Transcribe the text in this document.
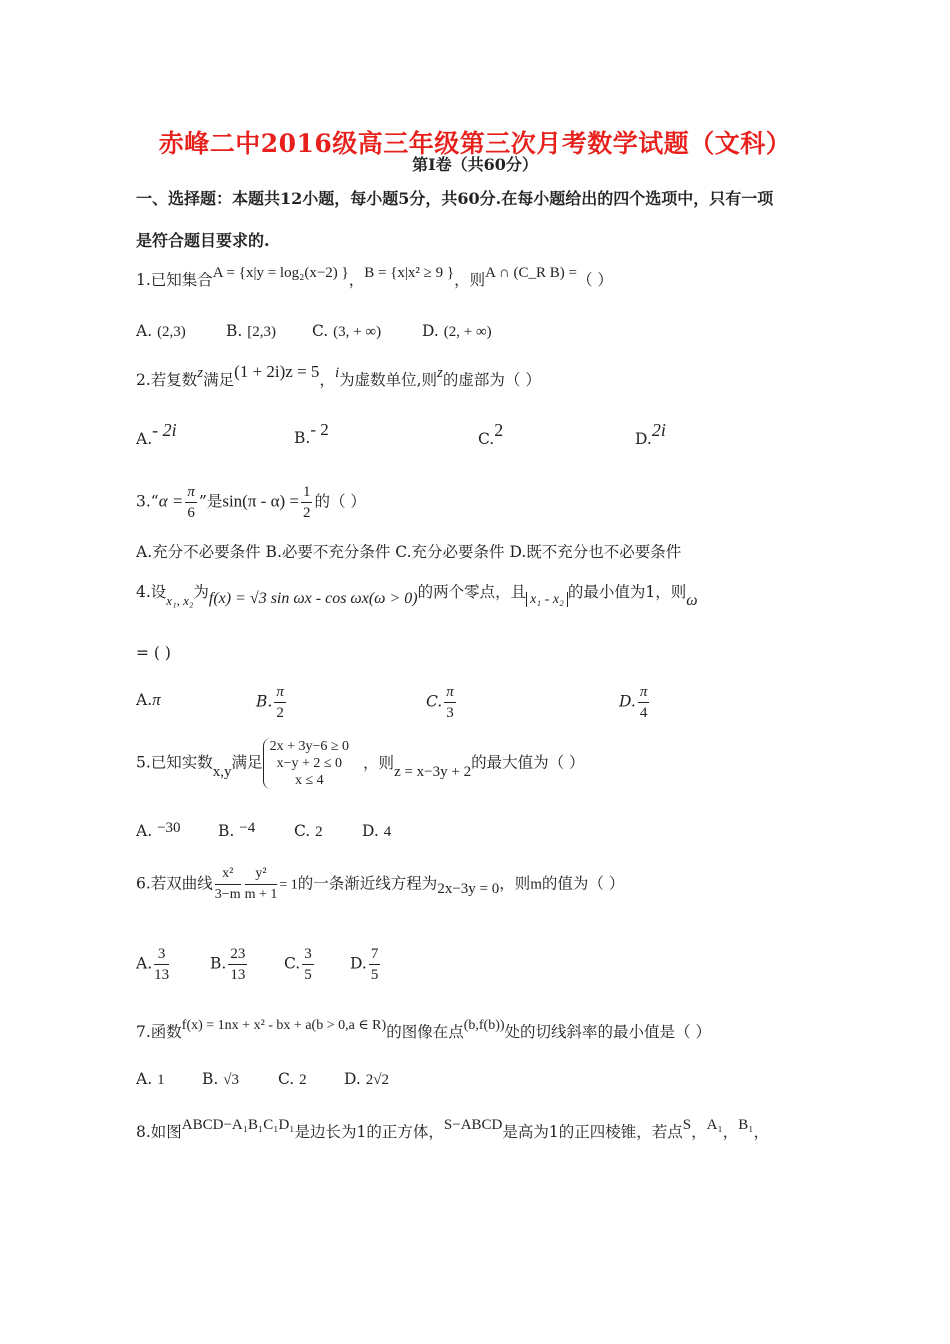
赤峰二中2016级高三年级第三次月考数学试题（文科）
第Ⅰ卷（共60分）
一、选择题：本题共12小题，每小题5分，共60分.在每小题给出的四个选项中，只有一项
是符合题目要求的.
1.已知集合A = {x|y = log₂(x−2) }，B = {x|x² ≥ 9 }，则A ∩ (C_R B) =（ ）
A. (2,3)	B. [2,3) C. (3, + ∞)	D. (2, + ∞)
2.若复数z满足(1 + 2i)z = 5，i为虚数单位,则z的虚部为（ ）
A.- 2i	B.- 2	C.2	D.2i
3.“α = $\frac{\pi}{6}$ ”是$\sin(\pi - \alpha) = \frac{1}{2}$ 的（ ）
A.充分不必要条件 B.必要不充分条件 C.充分必要条件 D.既不充分也不必要条件
4.设$_{x_1, x_2}$为f(x) = √3 sin ωx - cos ωx(ω > 0)的两个零点，且 x₁ - x₂ 的最小值为1，则ω
= ( )
A.π	B. $\frac{\pi}{2}$	C. $\frac{\pi}{3}$	D. $\frac{\pi}{4}$
5.已知实数x,y满足
2x + 3y−6 ≥ 0
x−y + 2 ≤ 0
x ≤ 4
，则z = x−3y + 2的最大值为（ ）
A. −30 B. −4	C. 2	D. 4
6.若双曲线 $\frac{\text{x²}}{3-m} \frac{\text{y²}}{m + 1} = 1$的一条渐近线方程为2x−3y = 0，则m的值为（ ）
A. $\frac{3}{13}$	B. $\frac{23}{13} C$. $\frac{3}{5} D$. $\frac{7}{5}$
7.函数f(x) = 1nx + x² - bx + a(b > 0,a ∈ R)的图像在点(b,f(b))处的切线斜率的最小值是（ ）
A. 1 B. √3	C. 2 D. 2√2
8.如图ABCD−A₁B₁C₁D₁是边长为1的正方体，S−ABCD是高为1的正四棱锥，若点S，A₁，B₁，
